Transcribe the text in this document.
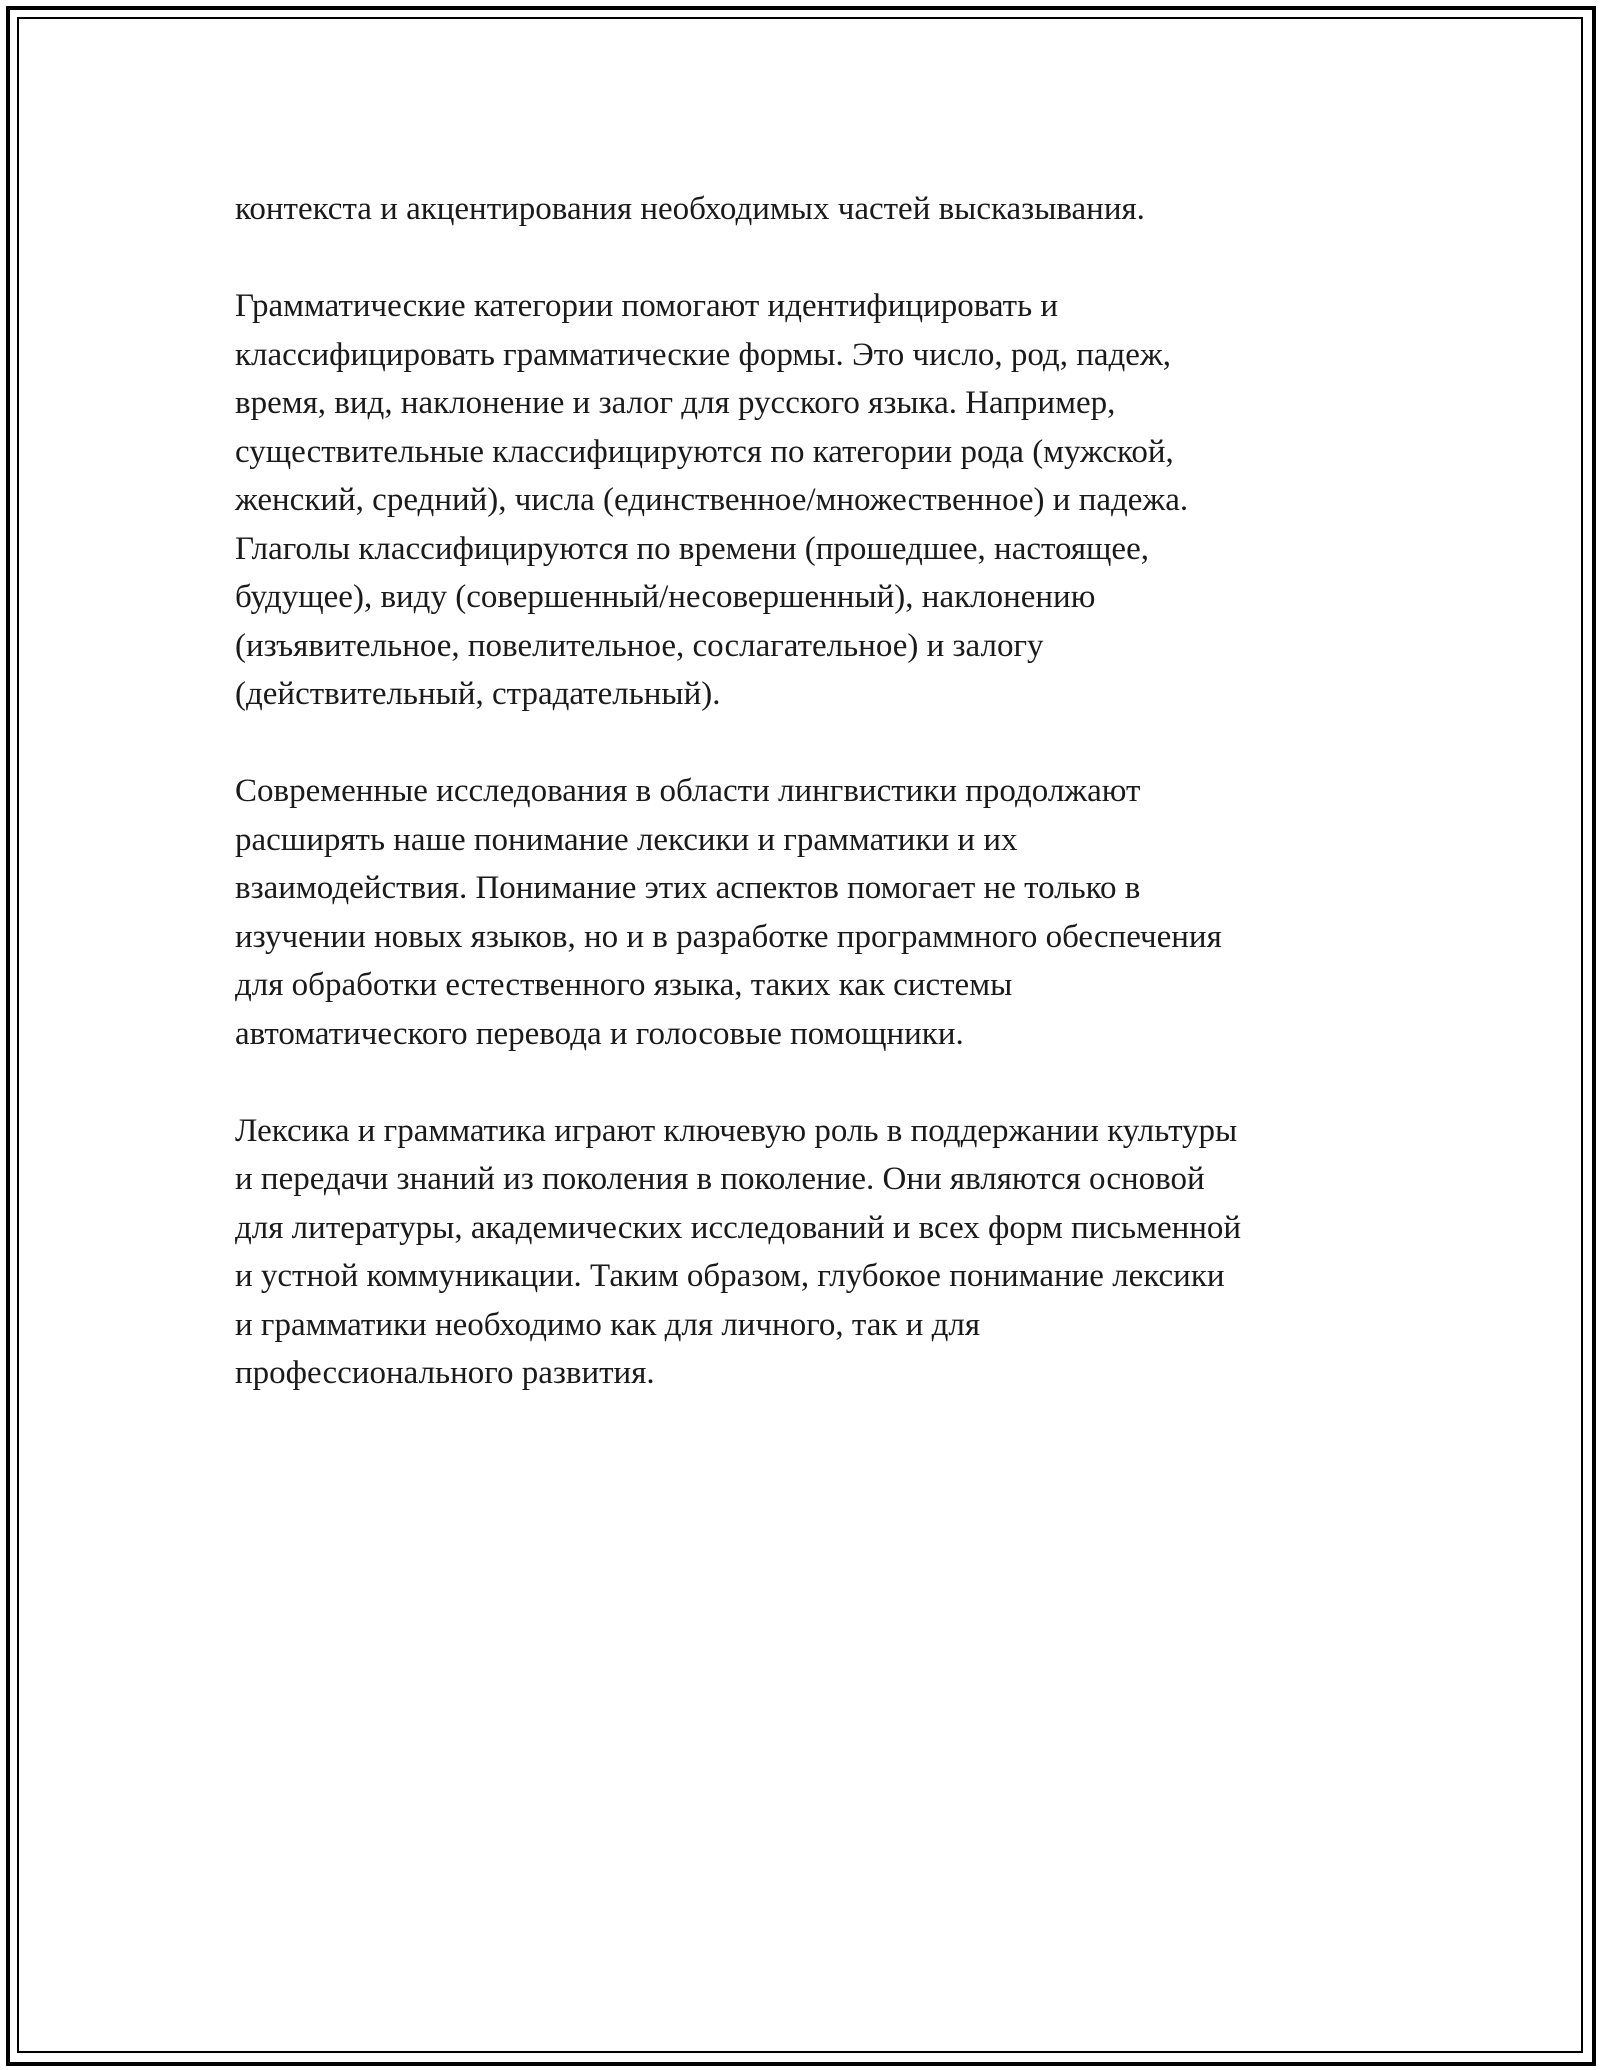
контекста и акцентирования необходимых частей высказывания.

Грамматические категории помогают идентифицировать и
классифицировать грамматические формы. Это число, род, падеж,
время, вид, наклонение и залог для русского языка. Например,
существительные классифицируются по категории рода (мужской,
женский, средний), числа (единственное/множественное) и падежа.
Глаголы классифицируются по времени (прошедшее, настоящее,
будущее), виду (совершенный/несовершенный), наклонению
(изъявительное, повелительное, сослагательное) и залогу
(действительный, страдательный).

Современные исследования в области лингвистики продолжают
расширять наше понимание лексики и грамматики и их
взаимодействия. Понимание этих аспектов помогает не только в
изучении новых языков, но и в разработке программного обеспечения
для обработки естественного языка, таких как системы
автоматического перевода и голосовые помощники.

Лексика и грамматика играют ключевую роль в поддержании культуры
и передачи знаний из поколения в поколение. Они являются основой
для литературы, академических исследований и всех форм письменной
и устной коммуникации. Таким образом, глубокое понимание лексики
и грамматики необходимо как для личного, так и для
профессионального развития.
